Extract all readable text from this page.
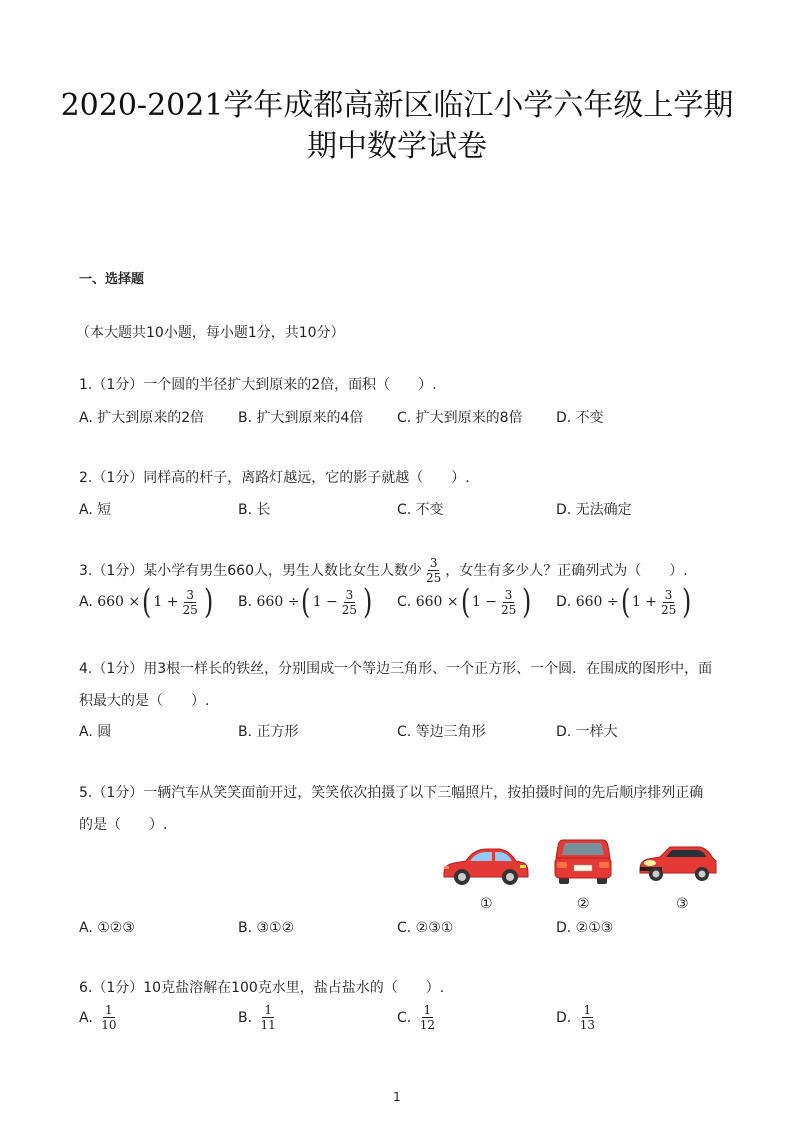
2020-2021学年成都高新区临江小学六年级上学期
期中数学试卷
一、选择题
（本大题共10小题，每小题1分，共10分）
1.（1分）一个圆的半径扩大到原来的2倍，面积（　　）.
A. 扩大到原来的2倍 B. 扩大到原来的4倍 C. 扩大到原来的8倍 D. 不变
2.（1分）同样高的杆子，离路灯越远，它的影子就越（　　）.
A. 短	B. 长	C. 不变	D. 无法确定
3.（1分）某小学有男生660人，男生人数比女生人数少 $\frac{3}{25}$ ，女生有多少人？正确列式为（　　）.
A.
660
× ( $1 + \frac{3}{25}$ ) B.
660
÷ ( $1 - \frac{3}{25}$ ) C.
660
× ( $1 - \frac{3}{25}$ ) D.
660
÷ ( $1 + \frac{3}{25}$ )
4.（1分）用3根一样长的铁丝，分别围成一个等边三角形、一个正方形、一个圆．在围成的图形中，面
积最大的是（　　）.
A. 圆	B. 正方形	C. 等边三角形	D. 一样大
5.（1分）一辆汽车从笑笑面前开过，笑笑依次拍摄了以下三幅照片，按拍摄时间的先后顺序排列正确
的是（　　）.
①	②	③
A. ①②③	B. ③①②	C. ②③①	D. ②①③
6.（1分）10克盐溶解在100克水里，盐占盐水的（　　）.
A.
$\frac{1}{10}$	B.
$\frac{1}{11}$	C.
$\frac{1}{12}$	D.
$\frac{1}{13}$
1
